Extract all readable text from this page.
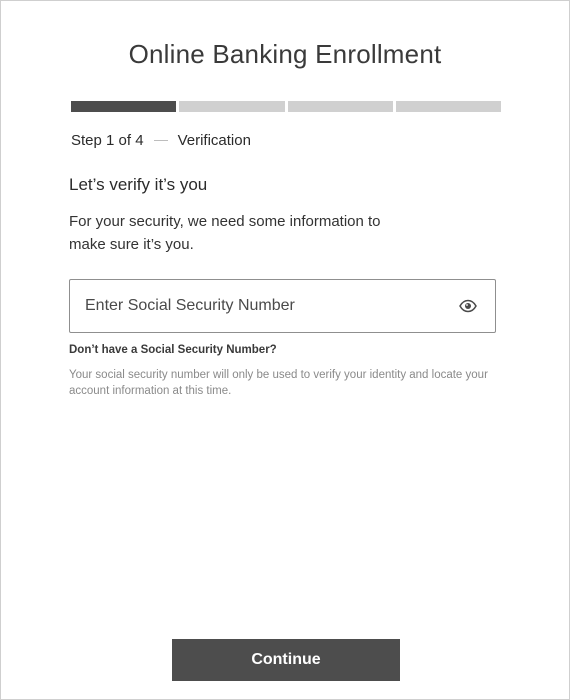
Online Banking Enrollment
Step 1 of 4 Verification
Let’s verify it’s you
For your security, we need some information to make sure it’s you.
Don’t have a Social Security Number?
Your social security number will only be used to verify your identity and locate your account information at this time.
Continue
